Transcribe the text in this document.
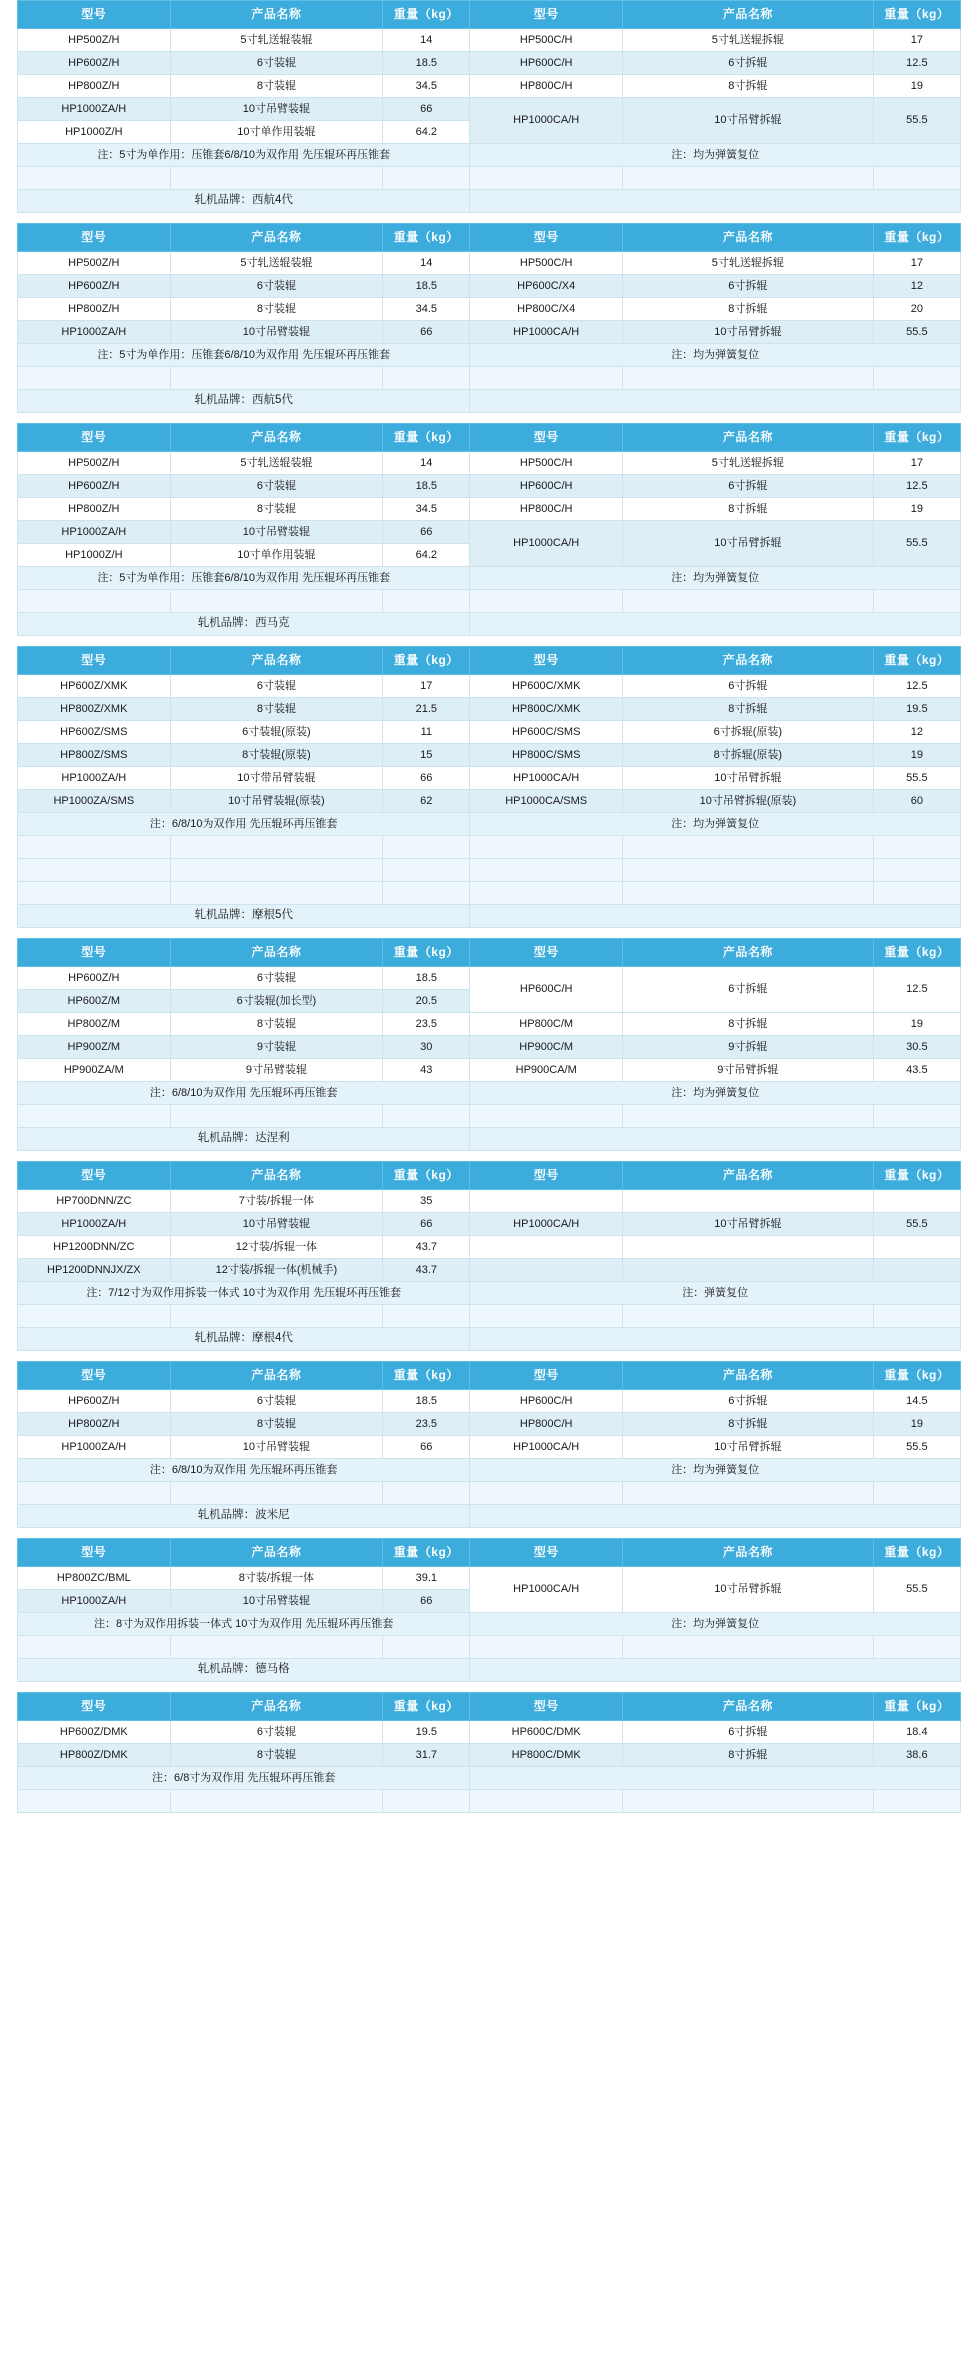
型号	产品名称	重量（kg）	型号	产品名称	重量（kg）
HP500Z/H	5寸轧送辊装辊	14	HP500C/H	5寸轧送辊拆辊	17
HP600Z/H	6寸装辊	18.5	HP600C/H	6寸拆辊	12.5
HP800Z/H	8寸装辊	34.5	HP800C/H	8寸拆辊	19
HP1000ZA/H	10寸吊臂装辊	66	HP1000CA/H	10寸吊臂拆辊	55.5
HP1000Z/H	10寸单作用装辊	64.2			
注：5寸为单作用：压锥套6/8/10为双作用 先压辊环再压锥套			注：均为弹簧复位		

轧机品牌：西航4代					
型号	产品名称	重量（kg）	型号	产品名称	重量（kg）
HP500Z/H	5寸轧送辊装辊	14	HP500C/H	5寸轧送辊拆辊	17
HP600Z/H	6寸装辊	18.5	HP600C/X4	6寸拆辊	12
HP800Z/H	8寸装辊	34.5	HP800C/X4	8寸拆辊	20
HP1000ZA/H	10寸吊臂装辊	66	HP1000CA/H	10寸吊臂拆辊	55.5
注：5寸为单作用：压锥套6/8/10为双作用 先压辊环再压锥套			注：均为弹簧复位		

轧机品牌：西航5代					
型号	产品名称	重量（kg）	型号	产品名称	重量（kg）
HP500Z/H	5寸轧送辊装辊	14	HP500C/H	5寸轧送辊拆辊	17
HP600Z/H	6寸装辊	18.5	HP600C/H	6寸拆辊	12.5
HP800Z/H	8寸装辊	34.5	HP800C/H	8寸拆辊	19
HP1000ZA/H	10寸吊臂装辊	66	HP1000CA/H	10寸吊臂拆辊	55.5
HP1000Z/H	10寸单作用装辊	64.2			
注：5寸为单作用：压锥套6/8/10为双作用 先压辊环再压锥套			注：均为弹簧复位		

轧机品牌：西马克					
型号	产品名称	重量（kg）	型号	产品名称	重量（kg）
HP600Z/XMK	6寸装辊	17	HP600C/XMK	6寸拆辊	12.5
HP800Z/XMK	8寸装辊	21.5	HP800C/XMK	8寸拆辊	19.5
HP600Z/SMS	6寸装辊(原装)	11	HP600C/SMS	6寸拆辊(原装)	12
HP800Z/SMS	8寸装辊(原装)	15	HP800C/SMS	8寸拆辊(原装)	19
HP1000ZA/H	10寸带吊臂装辊	66	HP1000CA/H	10寸吊臂拆辊	55.5
HP1000ZA/SMS	10寸吊臂装辊(原装)	62	HP1000CA/SMS	10寸吊臂拆辊(原装)	60
注：6/8/10为双作用 先压辊环再压锥套			注：均为弹簧复位		

轧机品牌：摩根5代					
型号	产品名称	重量（kg）	型号	产品名称	重量（kg）
HP600Z/H	6寸装辊	18.5	HP600C/H	6寸拆辊	12.5
HP600Z/M	6寸装辊(加长型)	20.5			
HP800Z/M	8寸装辊	23.5	HP800C/M	8寸拆辊	19
HP900Z/M	9寸装辊	30	HP900C/M	9寸拆辊	30.5
HP900ZA/M	9寸吊臂装辊	43	HP900CA/M	9寸吊臂拆辊	43.5
注：6/8/10为双作用 先压辊环再压锥套			注：均为弹簧复位		

轧机品牌：达涅利					
型号	产品名称	重量（kg）	型号	产品名称	重量（kg）
HP700DNN/ZC	7寸装/拆辊一体	35			
HP1000ZA/H	10寸吊臂装辊	66	HP1000CA/H	10寸吊臂拆辊	55.5
HP1200DNN/ZC	12寸装/拆辊一体	43.7			
HP1200DNNJX/ZX	12寸装/拆辊一体(机械手)	43.7			
注：7/12寸为双作用拆装一体式 10寸为双作用 先压辊环再压锥套			注：弹簧复位		

轧机品牌：摩根4代					
型号	产品名称	重量（kg）	型号	产品名称	重量（kg）
HP600Z/H	6寸装辊	18.5	HP600C/H	6寸拆辊	14.5
HP800Z/H	8寸装辊	23.5	HP800C/H	8寸拆辊	19
HP1000ZA/H	10寸吊臂装辊	66	HP1000CA/H	10寸吊臂拆辊	55.5
注：6/8/10为双作用 先压辊环再压锥套			注：均为弹簧复位		

轧机品牌：波米尼					
型号	产品名称	重量（kg）	型号	产品名称	重量（kg）
HP800ZC/BML	8寸装/拆辊一体	39.1	HP1000CA/H	10寸吊臂拆辊	55.5
HP1000ZA/H	10寸吊臂装辊	66			
注：8寸为双作用拆装一体式 10寸为双作用 先压辊环再压锥套			注：均为弹簧复位		

轧机品牌：德马格					
型号	产品名称	重量（kg）	型号	产品名称	重量（kg）
HP600Z/DMK	6寸装辊	19.5	HP600C/DMK	6寸拆辊	18.4
HP800Z/DMK	8寸装辊	31.7	HP800C/DMK	8寸拆辊	38.6
注：6/8寸为双作用 先压辊环再压锥套					
